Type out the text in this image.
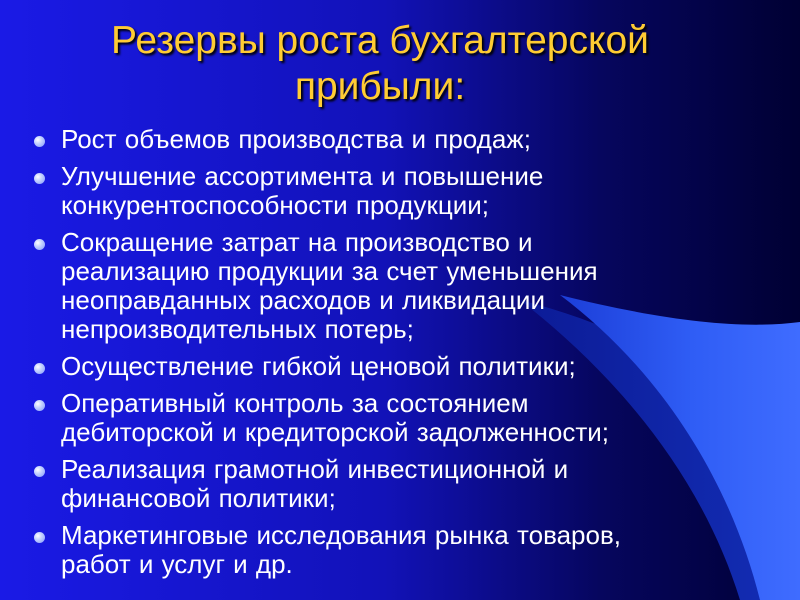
Резервы роста бухгалтерской
прибыли:
Рост объемов производства и продаж;
Улучшение ассортимента и повышение
конкурентоспособности продукции;
Сокращение затрат на производство и
реализацию продукции за счет уменьшения
неоправданных расходов и ликвидации
непроизводительных потерь;
Осуществление гибкой ценовой политики;
Оперативный контроль за состоянием
дебиторской и кредиторской задолженности;
Реализация грамотной инвестиционной и
финансовой политики;
Маркетинговые исследования рынка товаров,
работ и услуг и др.
